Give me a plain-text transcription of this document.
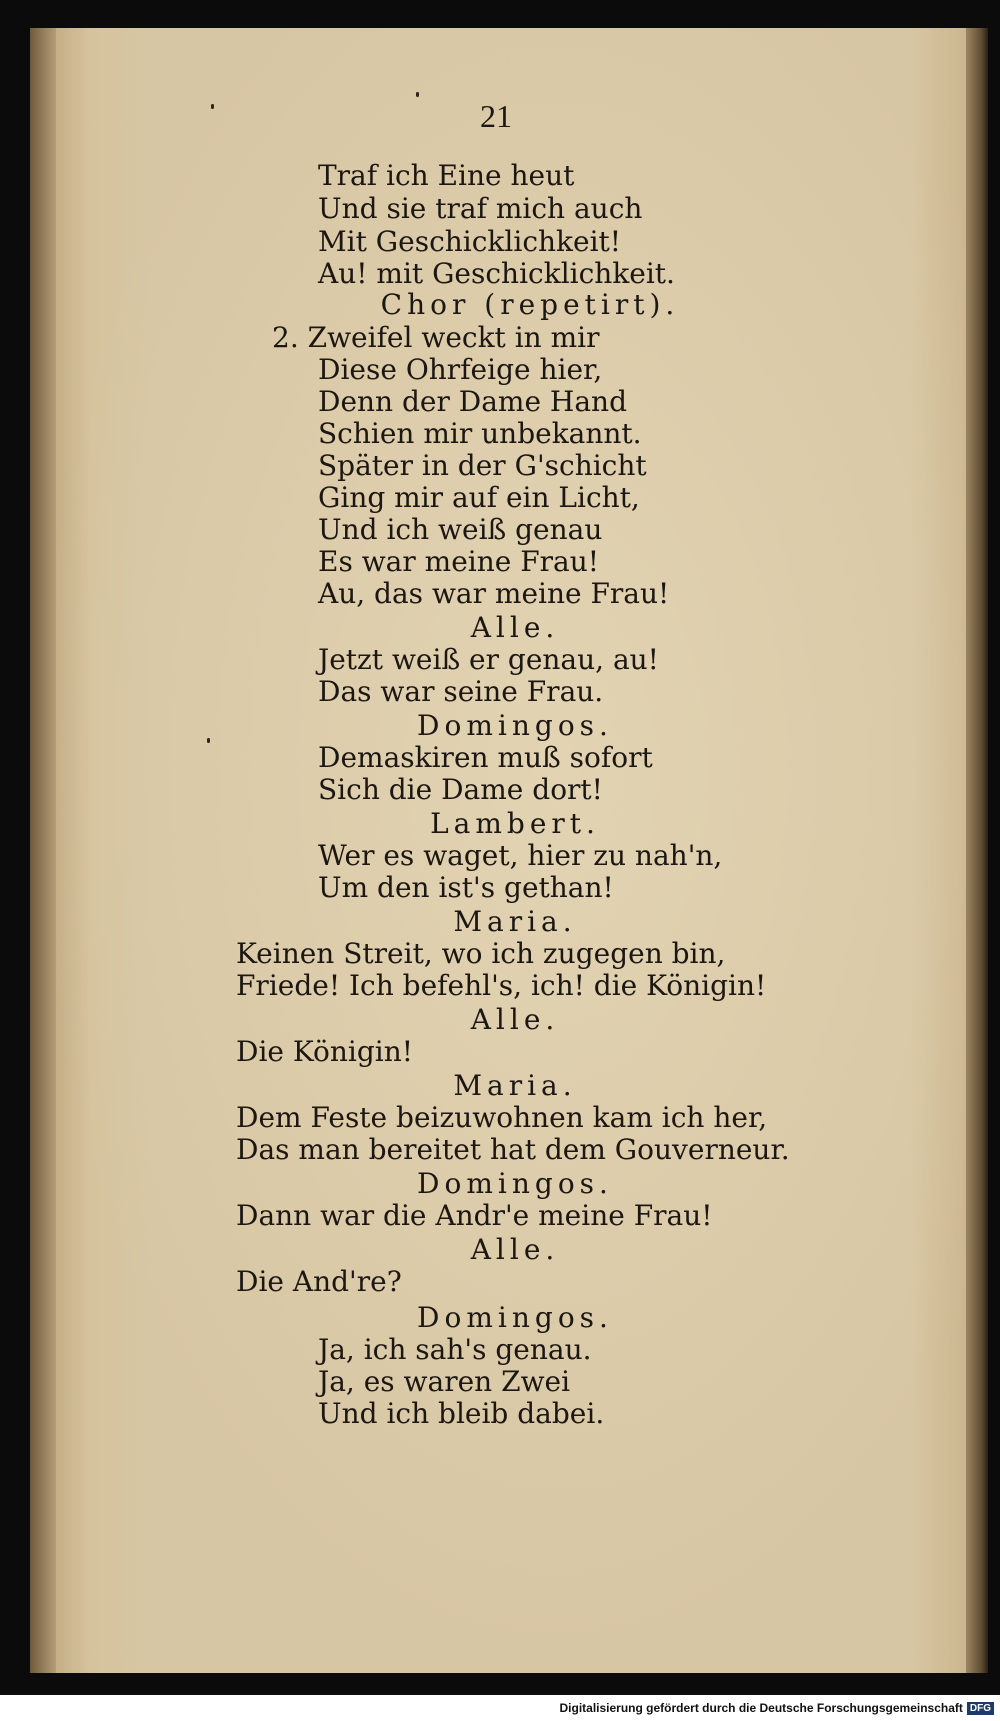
21
Traf ich Eine heut
Und sie traf mich auch
Mit Geschicklichkeit!
Au! mit Geschicklichkeit.
Chor (repetirt).
2. Zweifel weckt in mir
Diese Ohrfeige hier,
Denn der Dame Hand
Schien mir unbekannt.
Später in der G'schicht
Ging mir auf ein Licht,
Und ich weiß genau
Es war meine Frau!
Au, das war meine Frau!
Alle.
Jetzt weiß er genau, au!
Das war seine Frau.
Domingos.
Demaskiren muß sofort
Sich die Dame dort!
Lambert.
Wer es waget, hier zu nah'n,
Um den ist's gethan!
Maria.
Keinen Streit, wo ich zugegen bin,
Friede! Ich befehl's, ich! die Königin!
Alle.
Die Königin!
Maria.
Dem Feste beizuwohnen kam ich her,
Das man bereitet hat dem Gouverneur.
Domingos.
Dann war die Andr'e meine Frau!
Alle.
Die And're?
Domingos.
Ja, ich sah's genau.
Ja, es waren Zwei
Und ich bleib dabei.
Digitalisierung gefördert durch die Deutsche Forschungsgemeinschaft DFG
